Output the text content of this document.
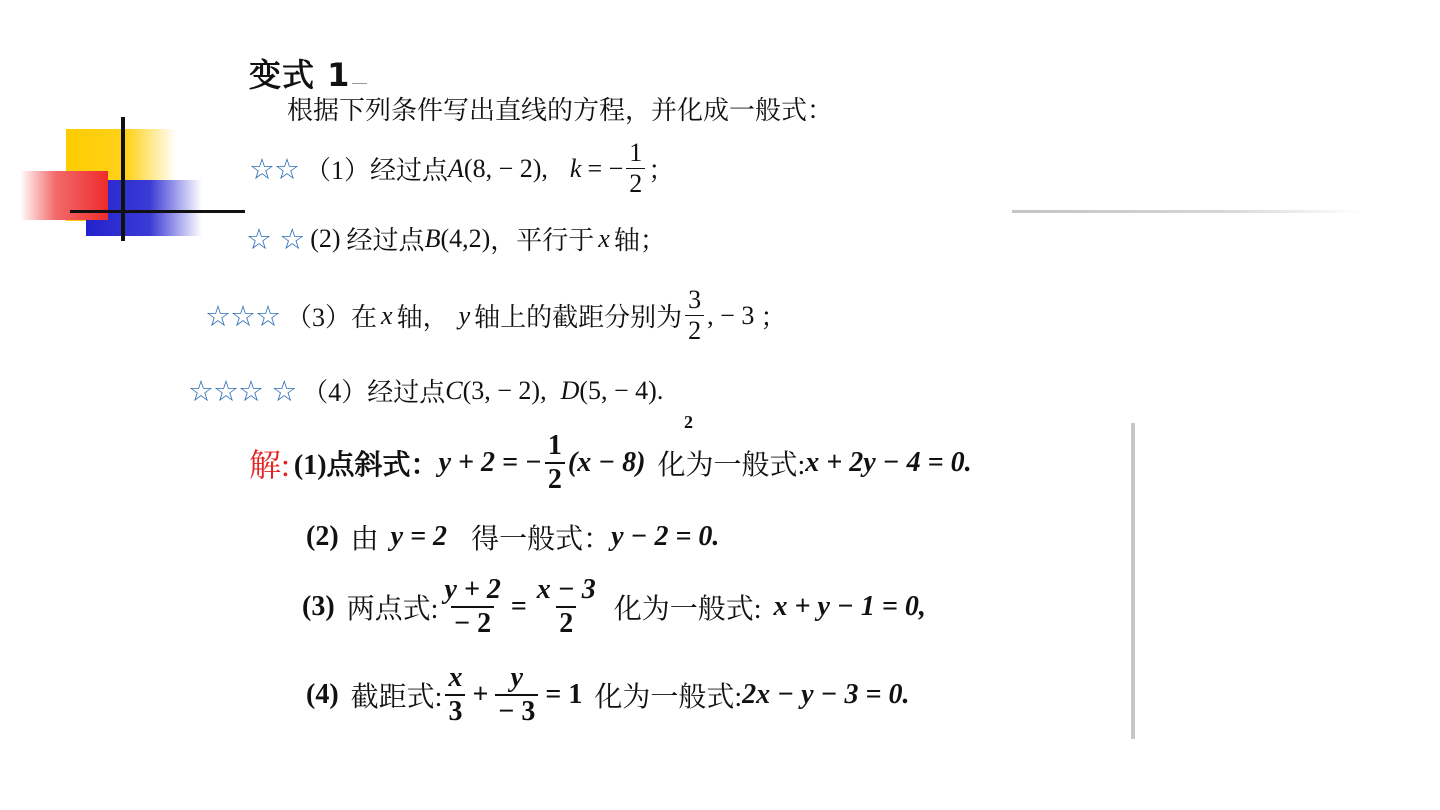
变式 1
根据下列条件写出直线的方程，并化成一般式：
☆☆ （1） 经过点 A (8, − 2), k = − $\frac{1}{2}$ ；
☆ ☆ (2) 经过点 B (4,2) ，平行于 x 轴；
☆☆☆ （3） 在 x 轴， y 轴上的截距分别为 $\frac{3}{2}$ , − 3 ；
☆☆☆ ☆ （4） 经过点 C (3, − 2), D (5, − 4) .
2
解: (1)点斜式： y + 2 = − $\frac{1}{2} (x - 8)$ 化为一般式: x + 2y − 4 = 0.
(2) 由 y = 2 得一般式： y − 2 = 0.
(3) 两点式: $\frac{y + 2}{- 2} = \frac{x - 3}{2}$ 化为一般式: x + y − 1 = 0,
(4) 截距式: $\frac{x}{3} + \frac{y}{- 3} = 1$ 化为一般式: 2x − y − 3 = 0.
